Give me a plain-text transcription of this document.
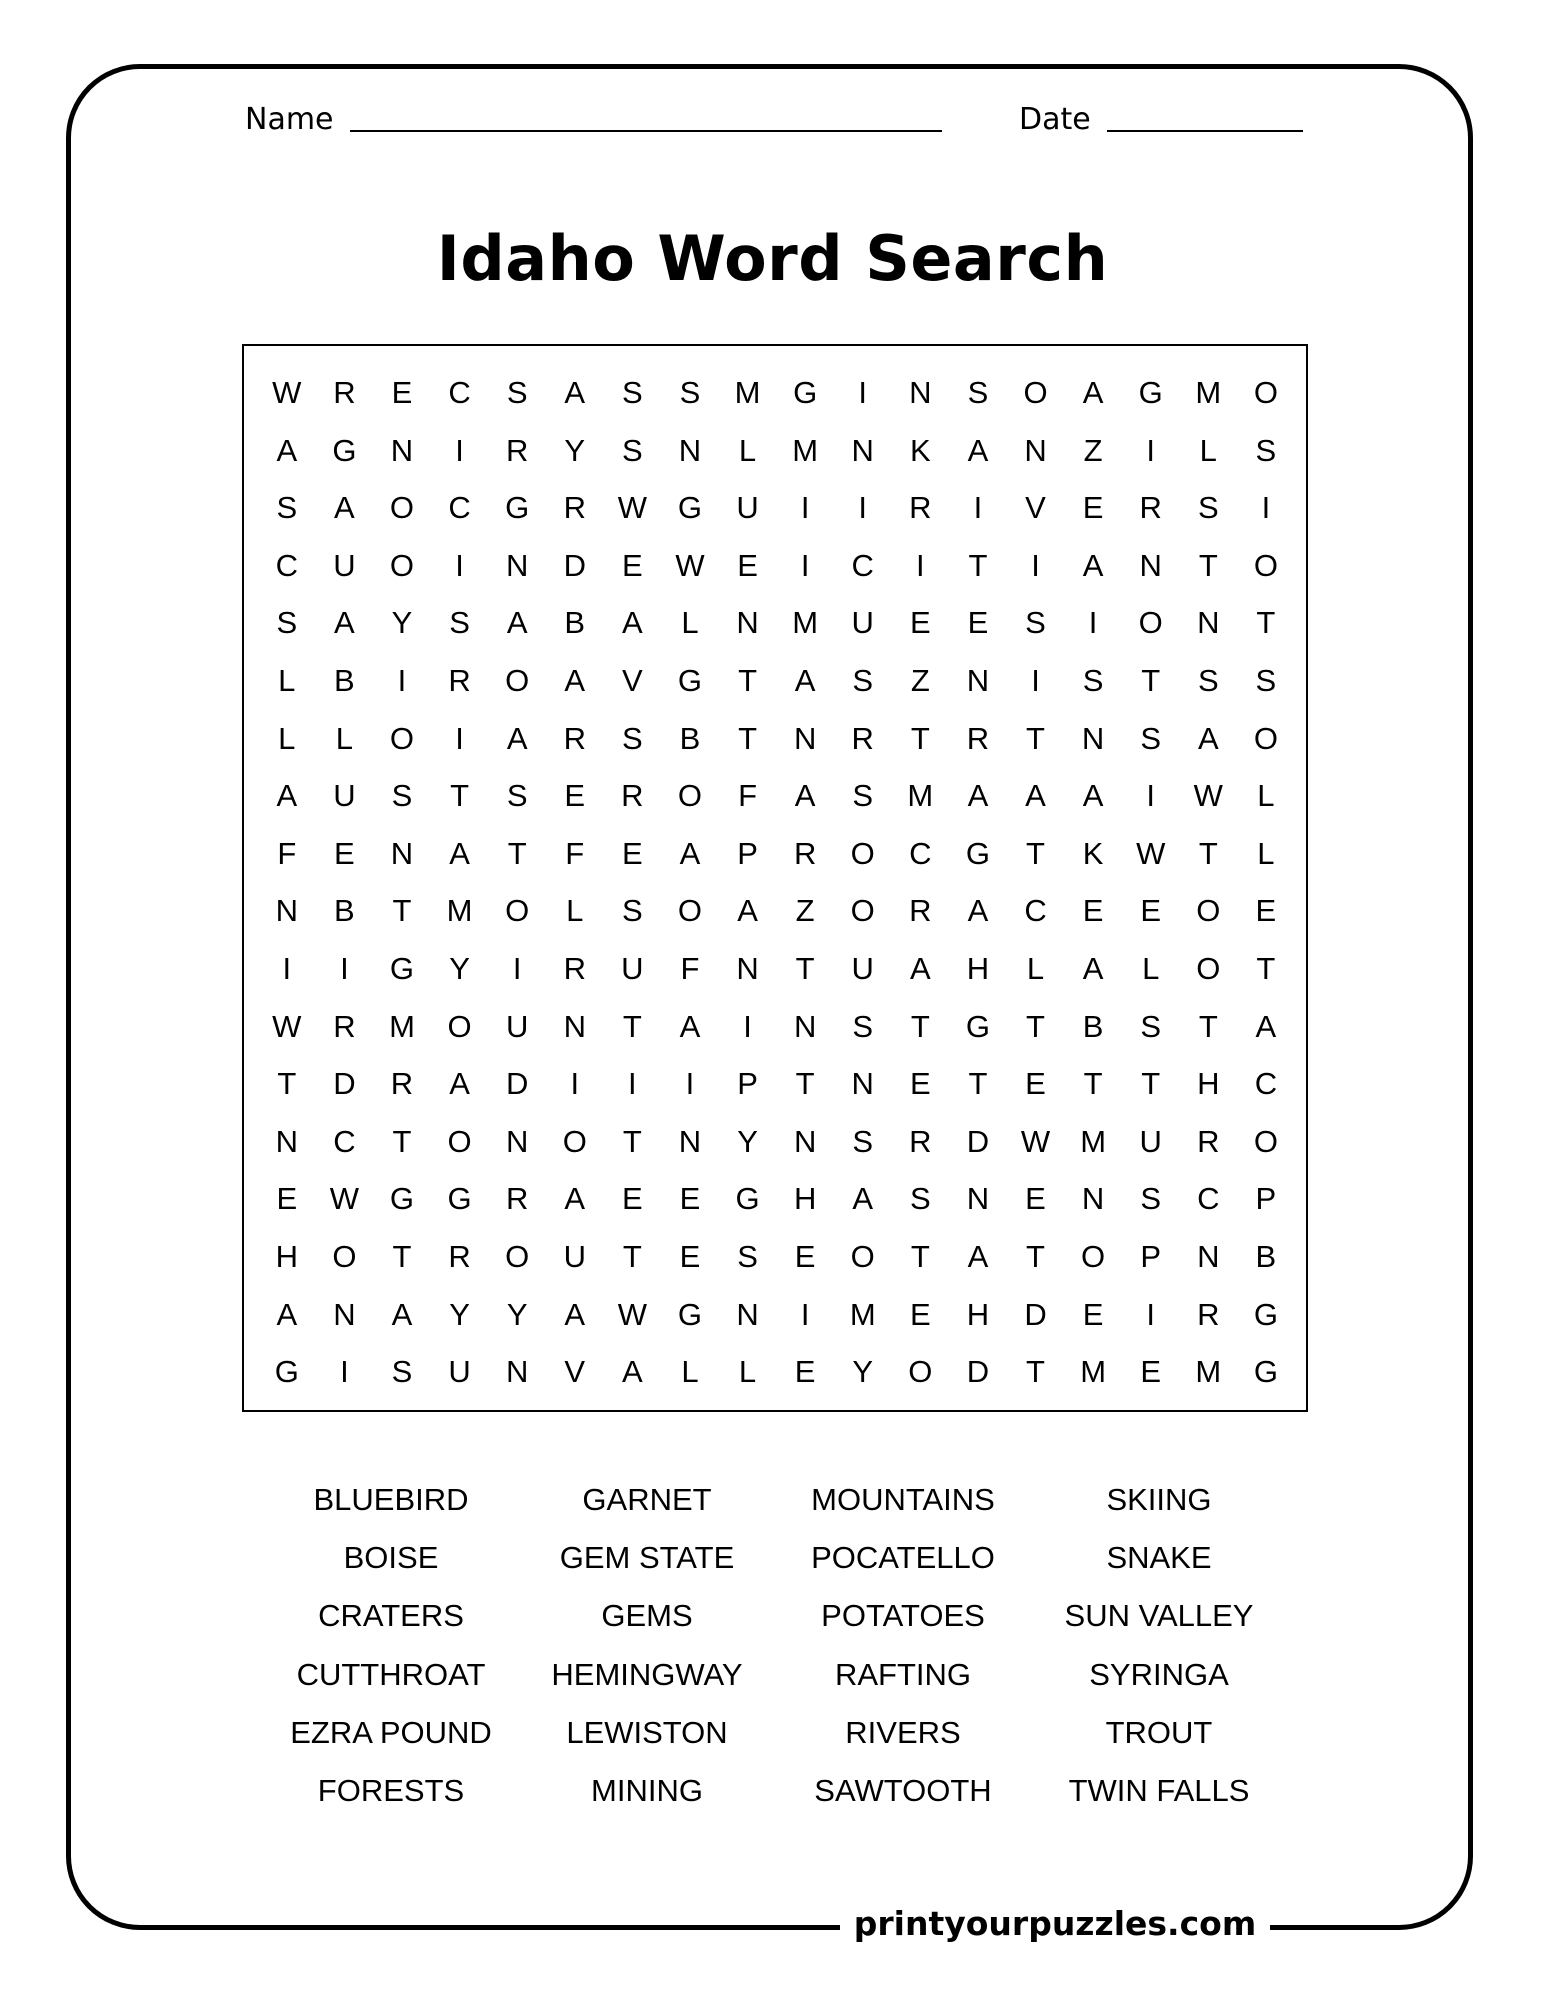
Name	Date
Idaho Word Search
W	R	E	C	S	A	S	S	M	G	I	N	S	O	A	G	M	O
A	G	N	I	R	Y	S	N	L	M	N	K	A	N	Z	I	L	S
S	A	O	C	G	R	W G	U	I	I	R	I	V	E	R	S	I
C	U	O	I	N	D	E	W	E	I	C	I	T	I	A	N	T	O
S	A	Y	S	A	B	A	L	N	M	U	E	E	S	I	O	N	T
L	B	I	R	O	A	V	G	T	A	S	Z	N	I	S	T	S	S
L	L	O	I	A	R	S	B	T	N	R	T	R	T	N	S	A	O
A	U	S	T	S	E	R	O	F	A	S	M	A	A	A	I	W	L
F	E	N	A	T	F	E	A	P	R	O	C	G	T	K	W	T	L
N	B	T	M	O	L	S	O	A	Z	O	R	A	C	E	E	O	E
I	I	G	Y	I	R	U	F	N	T	U	A	H	L	A	L	O	T
W	R	M	O	U	N	T	A	I	N	S	T	G	T	B	S	T	A
T	D	R	A	D	I	I	I	P	T	N	E	T	E	T	T	H	C
N	C	T	O	N	O	T	N	Y	N	S	R	D	W M	U	R	O
E	W G	G	R	A	E	E	G	H	A	S	N	E	N	S	C	P
H	O	T	R	O	U	T	E	S	E	O	T	A	T	O	P	N	B
A	N	A	Y	Y	A	W G	N	I	M	E	H	D	E	I	R	G
G	I	S	U	N	V	A	L	L	E	Y	O	D	T	M	E	M	G
BLUEBIRD	GARNET	MOUNTAINS	SKIING
BOISE	GEM STATE	POCATELLO	SNAKE
CRATERS	GEMS	POTATOES	SUN VALLEY
CUTTHROAT	HEMINGWAY	RAFTING	SYRINGA
EZRA POUND	LEWISTON	RIVERS	TROUT
FORESTS	MINING	SAWTOOTH	TWIN FALLS
printyourpuzzles.com
